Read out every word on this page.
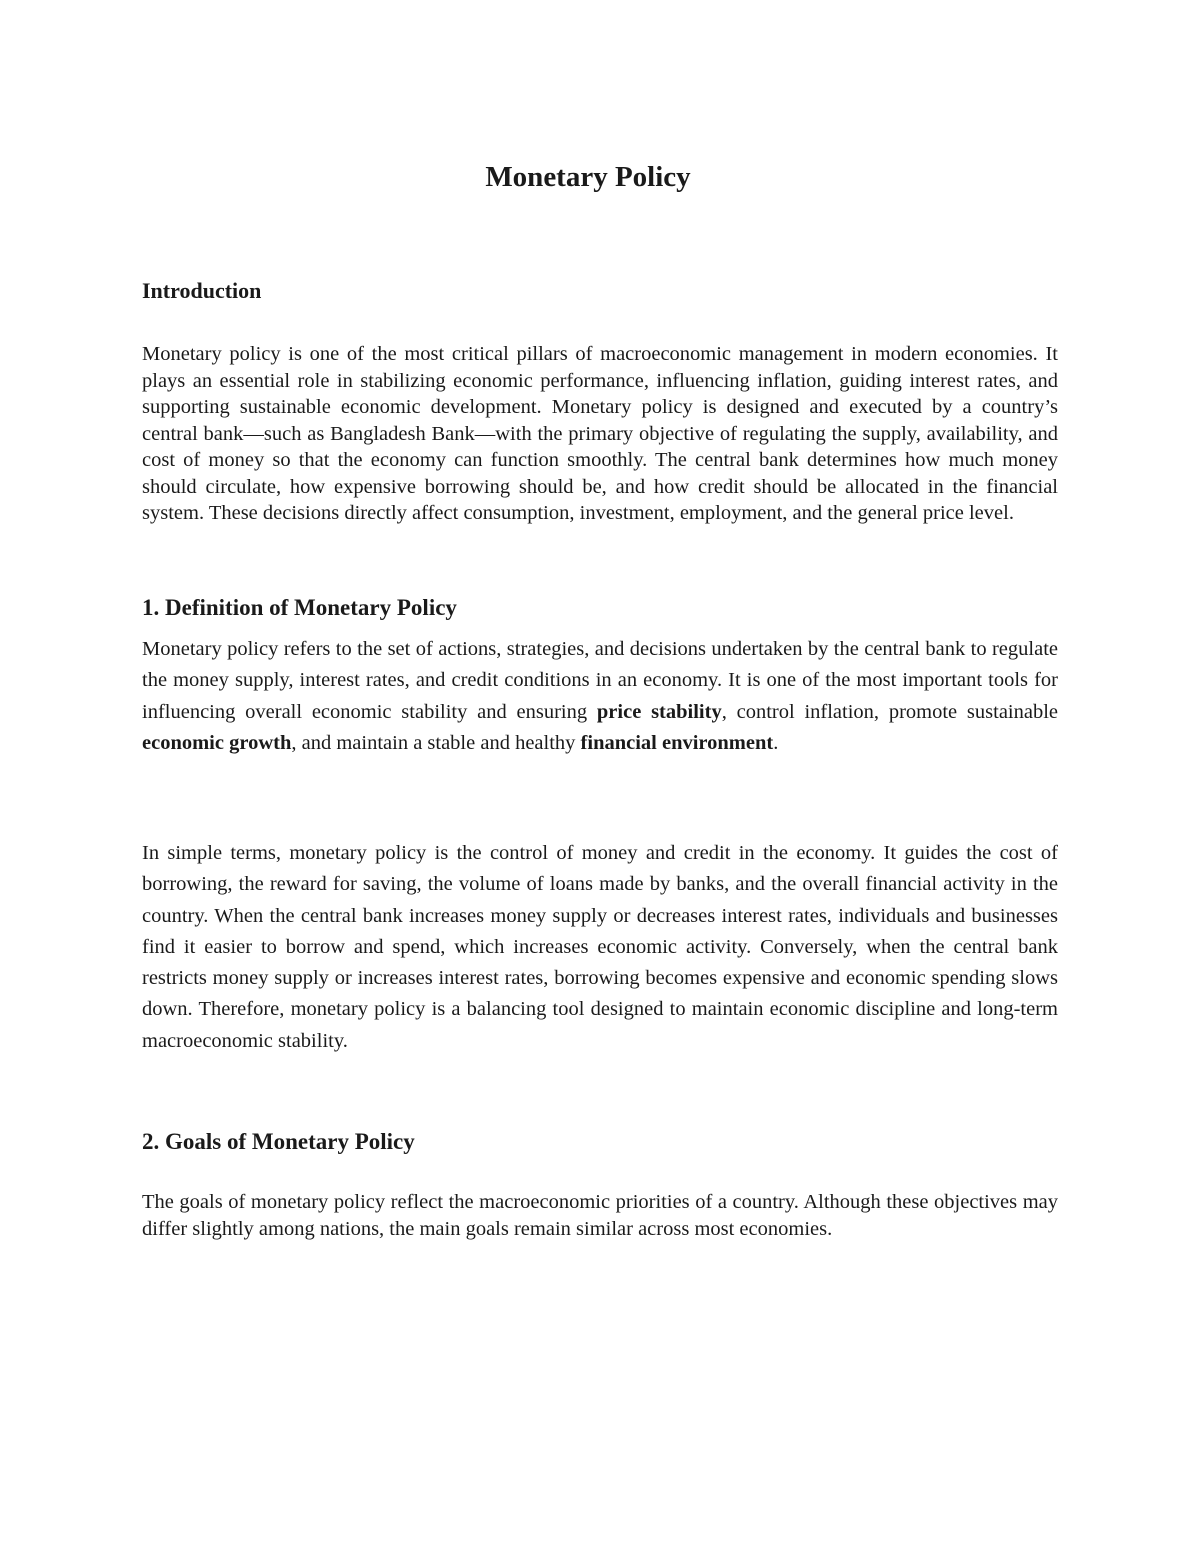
Monetary Policy
Introduction

Monetary policy is one of the most critical pillars of macroeconomic management in modern economies. It plays an essential role in stabilizing economic performance, influencing inflation, guiding interest rates, and supporting sustainable economic development. Monetary policy is designed and executed by a country’s central bank—such as Bangladesh Bank—with the primary objective of regulating the supply, availability, and cost of money so that the economy can function smoothly. The central bank determines how much money should circulate, how expensive borrowing should be, and how credit should be allocated in the financial system. These decisions directly affect consumption, investment, employment, and the general price level.

1. Definition of Monetary Policy

Monetary policy refers to the set of actions, strategies, and decisions undertaken by the central bank to regulate the money supply, interest rates, and credit conditions in an economy. It is one of the most important tools for influencing overall economic stability and ensuring price stability, control inflation, promote sustainable economic growth, and maintain a stable and healthy financial environment.

In simple terms, monetary policy is the control of money and credit in the economy. It guides the cost of borrowing, the reward for saving, the volume of loans made by banks, and the overall financial activity in the country. When the central bank increases money supply or decreases interest rates, individuals and businesses find it easier to borrow and spend, which increases economic activity. Conversely, when the central bank restricts money supply or increases interest rates, borrowing becomes expensive and economic spending slows down. Therefore, monetary policy is a balancing tool designed to maintain economic discipline and long-term macroeconomic stability.

2. Goals of Monetary Policy

The goals of monetary policy reflect the macroeconomic priorities of a country. Although these objectives may differ slightly among nations, the main goals remain similar across most economies.
